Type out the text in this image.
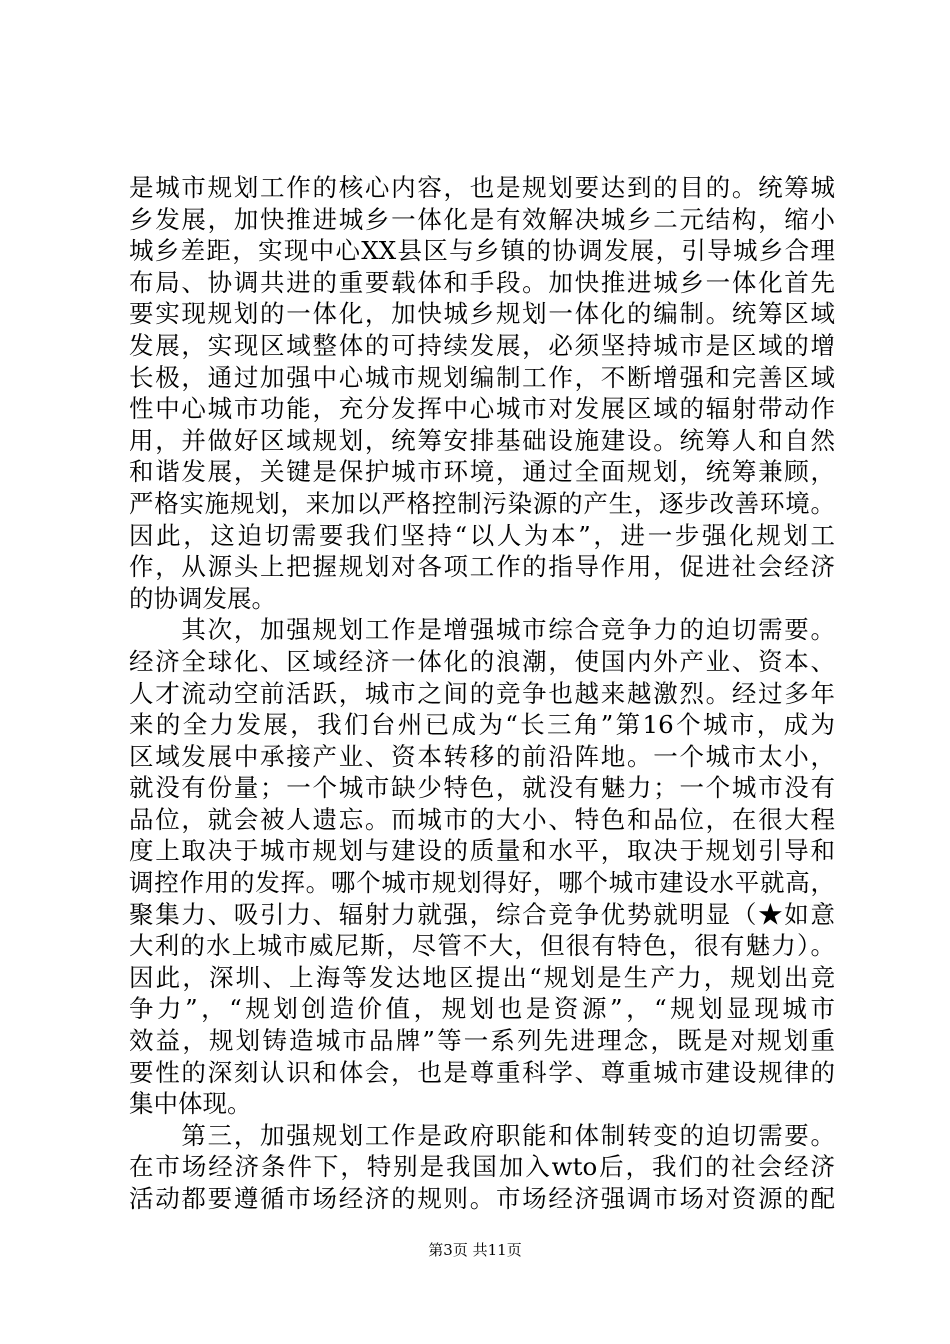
是城市规划工作的核心内容，也是规划要达到的目的。统筹城
乡发展，加快推进城乡一体化是有效解决城乡二元结构，缩小
城乡差距，实现中心XX县区与乡镇的协调发展，引导城乡合理
布局、协调共进的重要载体和手段。加快推进城乡一体化首先
要实现规划的一体化，加快城乡规划一体化的编制。统筹区域
发展，实现区域整体的可持续发展，必须坚持城市是区域的增
长极，通过加强中心城市规划编制工作，不断增强和完善区域
性中心城市功能，充分发挥中心城市对发展区域的辐射带动作
用，并做好区域规划，统筹安排基础设施建设。统筹人和自然
和谐发展，关键是保护城市环境，通过全面规划，统筹兼顾，
严格实施规划，来加以严格控制污染源的产生，逐步改善环境。
因此，这迫切需要我们坚持“以人为本”，进一步强化规划工
作，从源头上把握规划对各项工作的指导作用，促进社会经济
的协调发展。
　　其次，加强规划工作是增强城市综合竞争力的迫切需要。
经济全球化、区域经济一体化的浪潮，使国内外产业、资本、
人才流动空前活跃，城市之间的竞争也越来越激烈。经过多年
来的全力发展，我们台州已成为“长三角”第16个城市，成为
区域发展中承接产业、资本转移的前沿阵地。一个城市太小，
就没有份量；一个城市缺少特色，就没有魅力；一个城市没有
品位，就会被人遗忘。而城市的大小、特色和品位，在很大程
度上取决于城市规划与建设的质量和水平，取决于规划引导和
调控作用的发挥。哪个城市规划得好，哪个城市建设水平就高，
聚集力、吸引力、辐射力就强，综合竞争优势就明显（★如意
大利的水上城市威尼斯，尽管不大，但很有特色，很有魅力）。
因此，深圳、上海等发达地区提出“规划是生产力，规划出竞
争力”，“规划创造价值，规划也是资源”，“规划显现城市
效益，规划铸造城市品牌”等一系列先进理念，既是对规划重
要性的深刻认识和体会，也是尊重科学、尊重城市建设规律的
集中体现。
　　第三，加强规划工作是政府职能和体制转变的迫切需要。
在市场经济条件下，特别是我国加入wto后，我们的社会经济
活动都要遵循市场经济的规则。市场经济强调市场对资源的配
第3页 共11页
